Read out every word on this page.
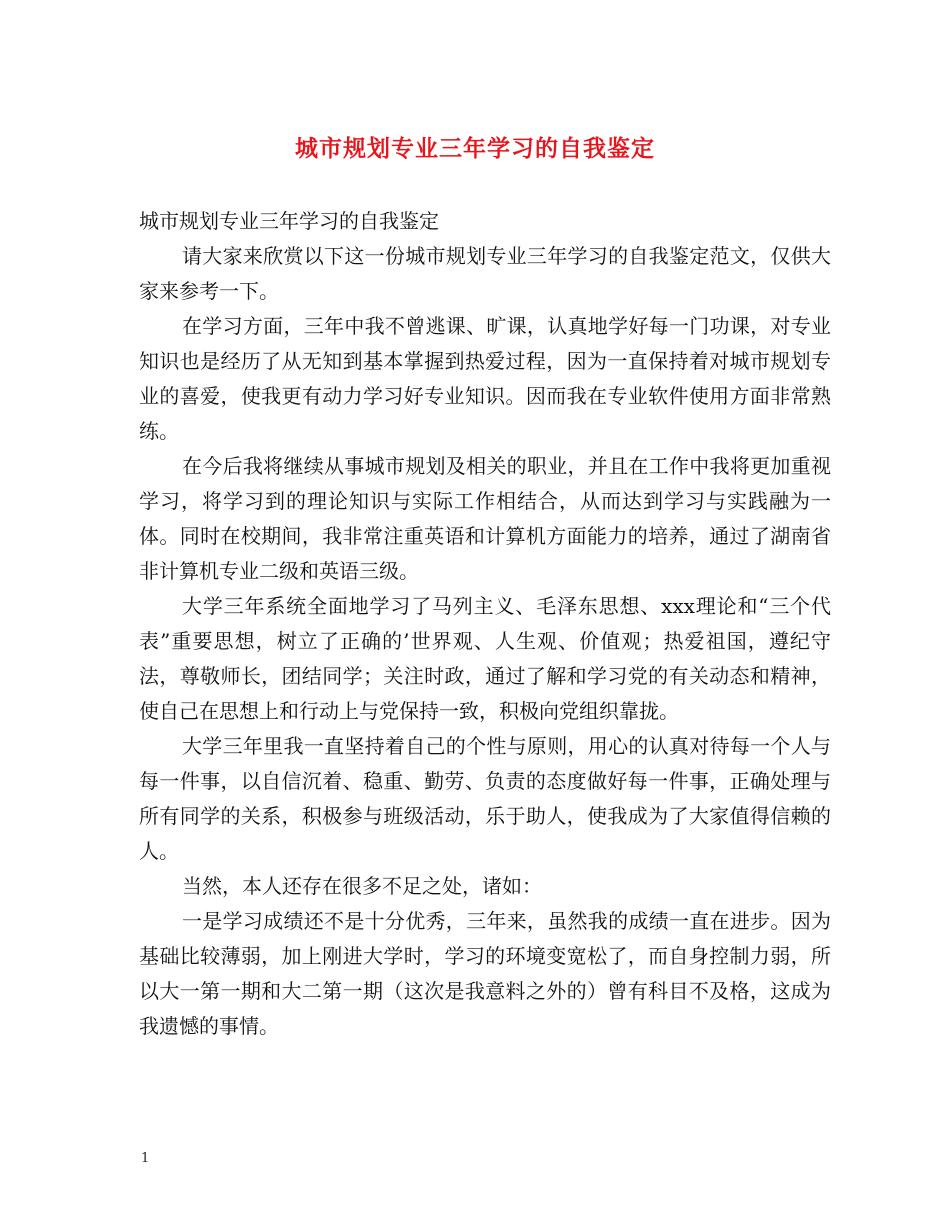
城市规划专业三年学习的自我鉴定

城市规划专业三年学习的自我鉴定

请大家来欣赏以下这一份城市规划专业三年学习的自我鉴定范文，仅供大家来参考一下。

在学习方面，三年中我不曾逃课、旷课，认真地学好每一门功课，对专业知识也是经历了从无知到基本掌握到热爱过程，因为一直保持着对城市规划专业的喜爱，使我更有动力学习好专业知识。因而我在专业软件使用方面非常熟练。

在今后我将继续从事城市规划及相关的职业，并且在工作中我将更加重视学习，将学习到的理论知识与实际工作相结合，从而达到学习与实践融为一体。同时在校期间，我非常注重英语和计算机方面能力的培养，通过了湖南省非计算机专业二级和英语三级。

大学三年系统全面地学习了马列主义、毛泽东思想、xxx理论和“三个代表”重要思想，树立了正确的’世界观、人生观、价值观；热爱祖国，遵纪守法，尊敬师长，团结同学；关注时政，通过了解和学习党的有关动态和精神，使自己在思想上和行动上与党保持一致，积极向党组织靠拢。

大学三年里我一直坚持着自己的个性与原则，用心的认真对待每一个人与每一件事，以自信沉着、稳重、勤劳、负责的态度做好每一件事，正确处理与所有同学的关系，积极参与班级活动，乐于助人，使我成为了大家值得信赖的人。

当然，本人还存在很多不足之处，诸如：

一是学习成绩还不是十分优秀，三年来，虽然我的成绩一直在进步。因为基础比较薄弱，加上刚进大学时，学习的环境变宽松了，而自身控制力弱，所以大一第一期和大二第一期（这次是我意料之外的）曾有科目不及格，这成为我遗憾的事情。

1
